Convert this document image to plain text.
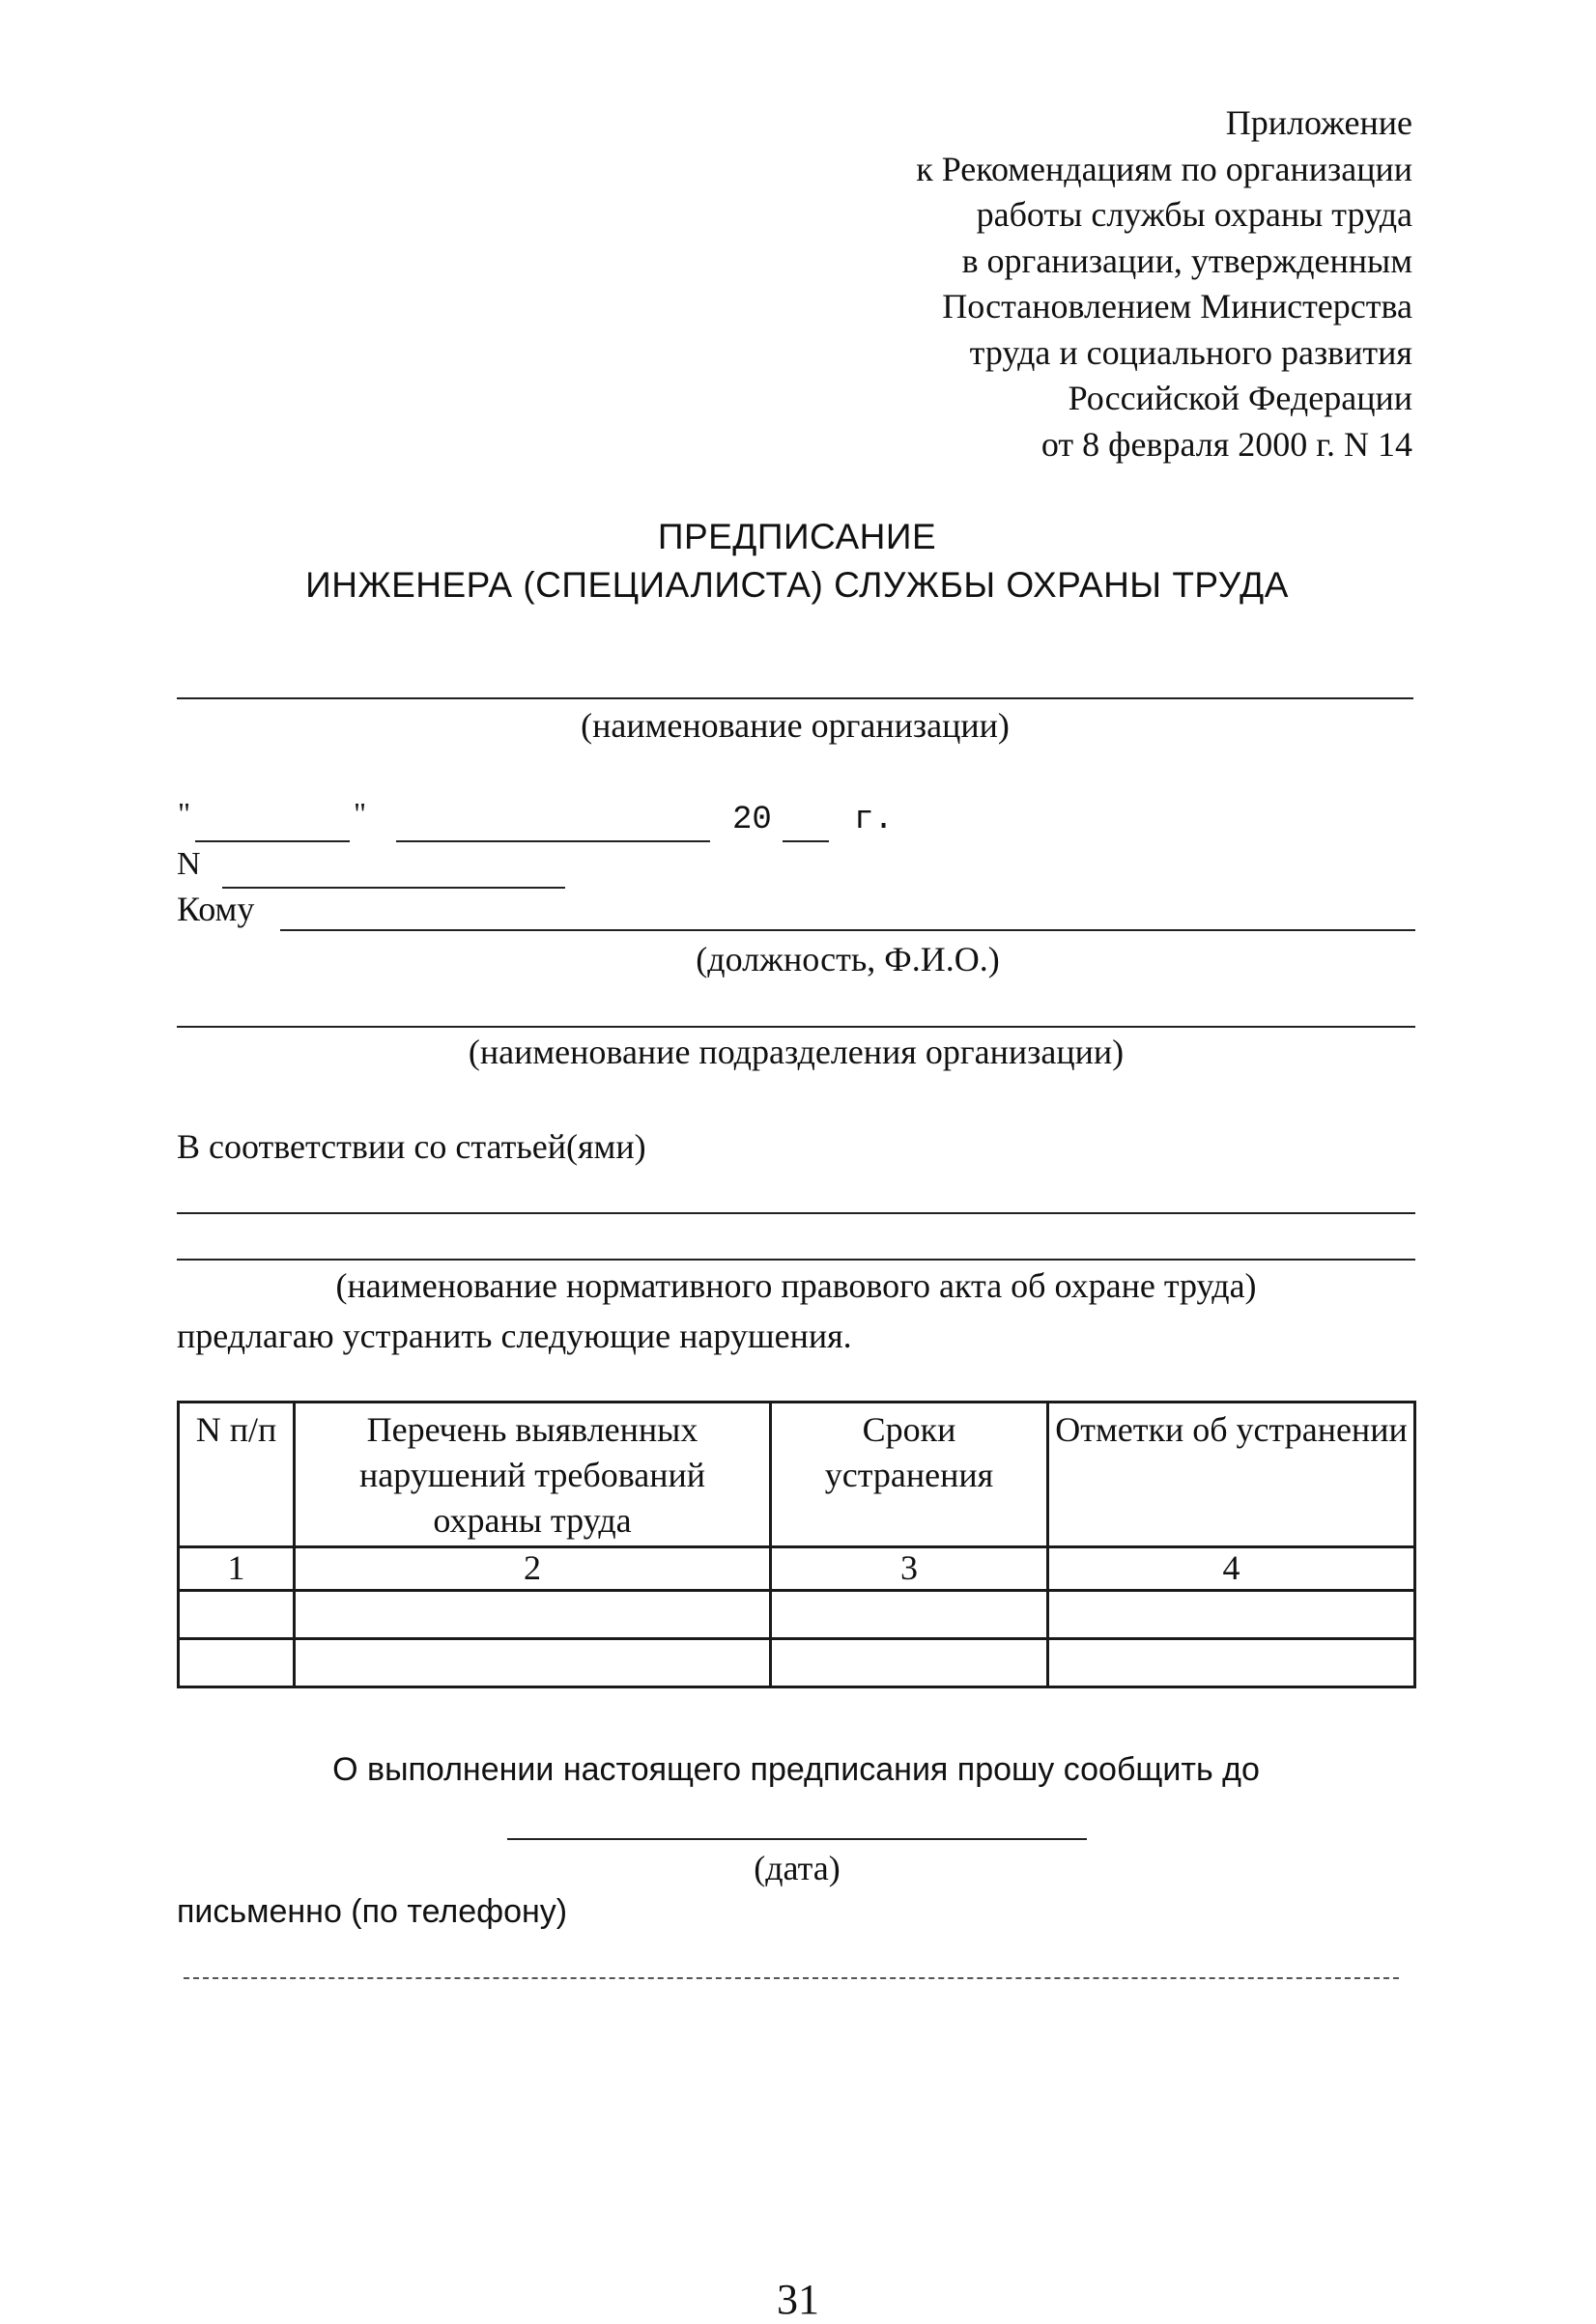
Приложение
к Рекомендациям по организации
работы службы охраны труда
в организации, утвержденным
Постановлением Министерства
труда и социального развития
Российской Федерации
от 8 февраля 2000 г. N 14
ПРЕДПИСАНИЕ
ИНЖЕНЕРА (СПЕЦИАЛИСТА) СЛУЖБЫ ОХРАНЫ ТРУДА
(наименование организации)
"	"	20	г.
N
Кому
(должность, Ф.И.О.)
(наименование подразделения организации)
В соответствии со статьей(ями)
(наименование нормативного правового акта об охране труда)
предлагаю устранить следующие нарушения.
N п/п	Перечень выявленных нарушений требований охраны труда	Сроки устранения	Отметки об устранении
1	2	3	4

О выполнении настоящего предписания прошу сообщить до
(дата)
письменно (по телефону)
31
